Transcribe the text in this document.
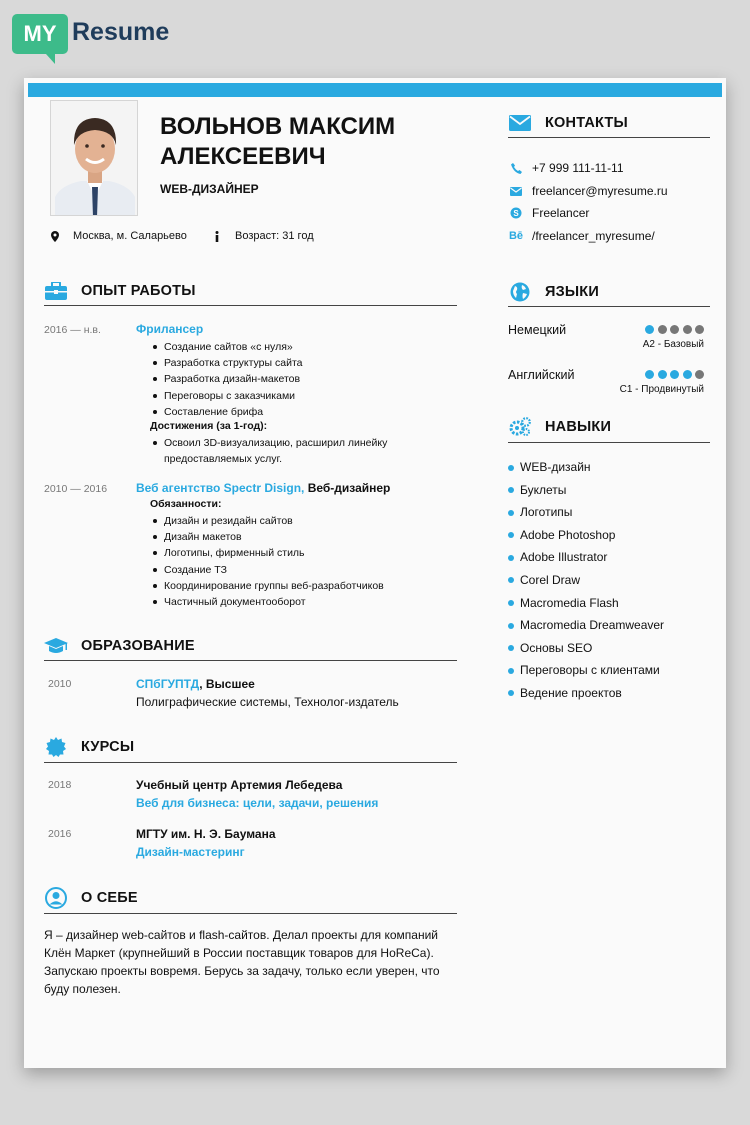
MY Resume
ВОЛЬНОВ МАКСИМ
АЛЕКСЕЕВИЧ
WEB-ДИЗАЙНЕР
Москва, м. Саларьево	Возраст: 31 год
ОПЫТ РАБОТЫ
2016 — н.в.	Фрилансер
Создание сайтов «с нуля»
Разработка структуры сайта
Разработка дизайн-макетов
Переговоры с заказчиками
Составление брифа
Достижения (за 1-год):
Освоил 3D-визуализацию, расширил линейку
предоставляемых услуг.
2010 — 2016 Веб агентство Spectr Disign, Веб-дизайнер
Обязанности:
Дизайн и резидайн сайтов
Дизайн макетов
Логотипы, фирменный стиль
Создание ТЗ
Координирование группы веб-разработчиков
Частичный документооборот
ОБРАЗОВАНИЕ
2010	СПбГУПТД, Высшее
Полиграфические системы, Технолог-издатель
КУРСЫ
2018	Учебный центр Артемия Лебедева
Веб для бизнеса: цели, задачи, решения
2016	МГТУ им. Н. Э. Баумана
Дизайн-мастеринг
О СЕБЕ
Я – дизайнер web-сайтов и flash-сайтов. Делал проекты для компаний Клён Маркет (крупнейший в России поставщик товаров для HoReCa). Запускаю проекты вовремя. Берусь за задачу, только если уверен, что буду полезен.
КОНТАКТЫ
+7 999 111-11-11
freelancer@myresume.ru
S Freelancer
Bē /freelancer_myresume/
ЯЗЫКИ
Немецкий
A2 - Базовый
Английский
C1 - Продвинутый
НАВЫКИ
WEB-дизайн
Буклеты
Логотипы
Adobe Photoshop
Adobe Illustrator
Corel Draw
Macromedia Flash
Macromedia Dreamweaver
Основы SEO
Переговоры с клиентами
Ведение проектов
